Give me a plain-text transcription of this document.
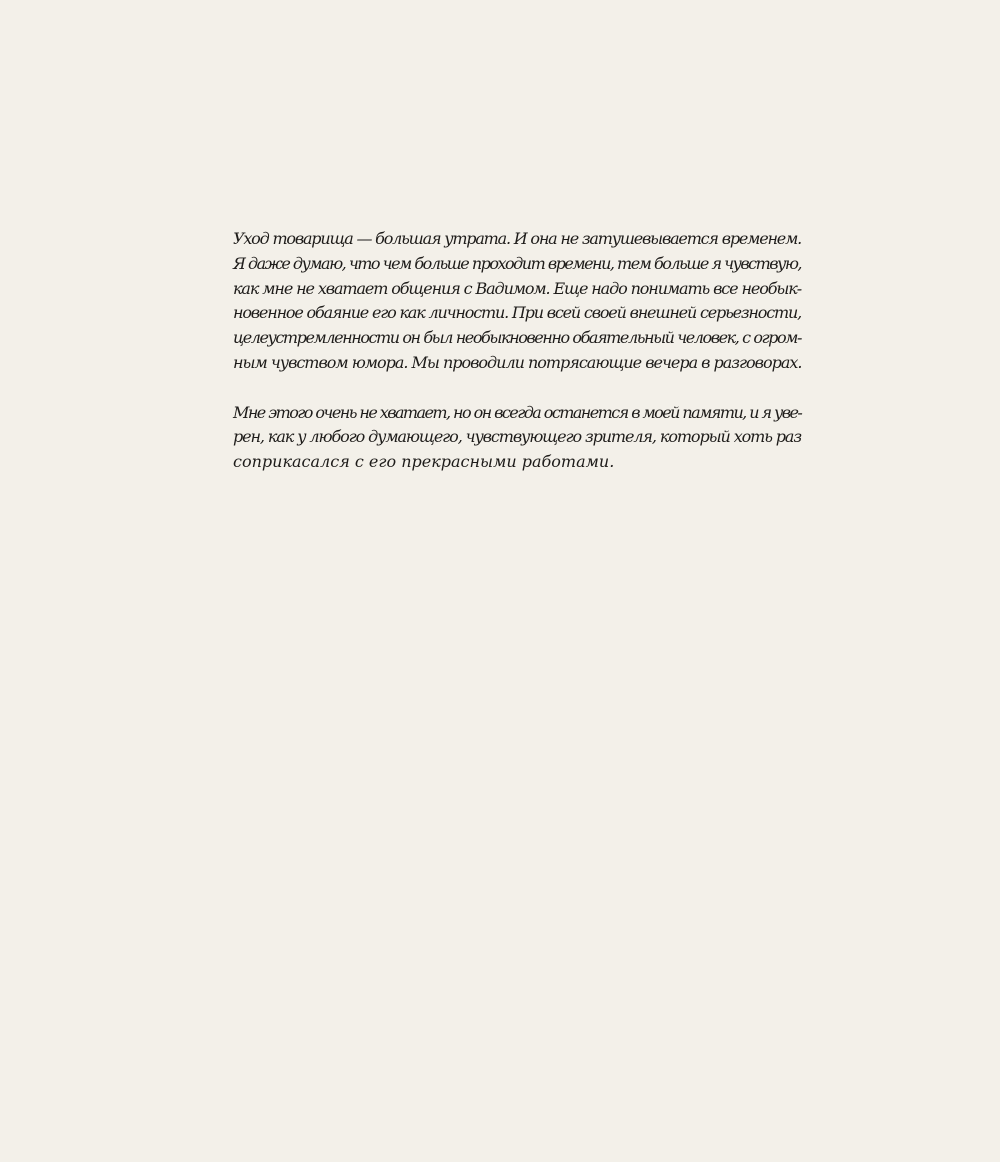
Уход товарища — большая утрата. И она не затушевывается временем.
Я даже думаю, что чем больше проходит времени, тем больше я чувствую,
как мне не хватает общения с Вадимом. Еще надо понимать все необык-
новенное обаяние его как личности. При всей своей внешней серьезности,
целеустремленности он был необыкновенно обаятельный человек, с огром-
ным чувством юмора. Мы проводили потрясающие вечера в разговорах.

Мне этого очень не хватает, но он всегда останется в моей памяти, и я уве-
рен, как у любого думающего, чувствующего зрителя, который хоть раз
соприкасался с его прекрасными работами.
